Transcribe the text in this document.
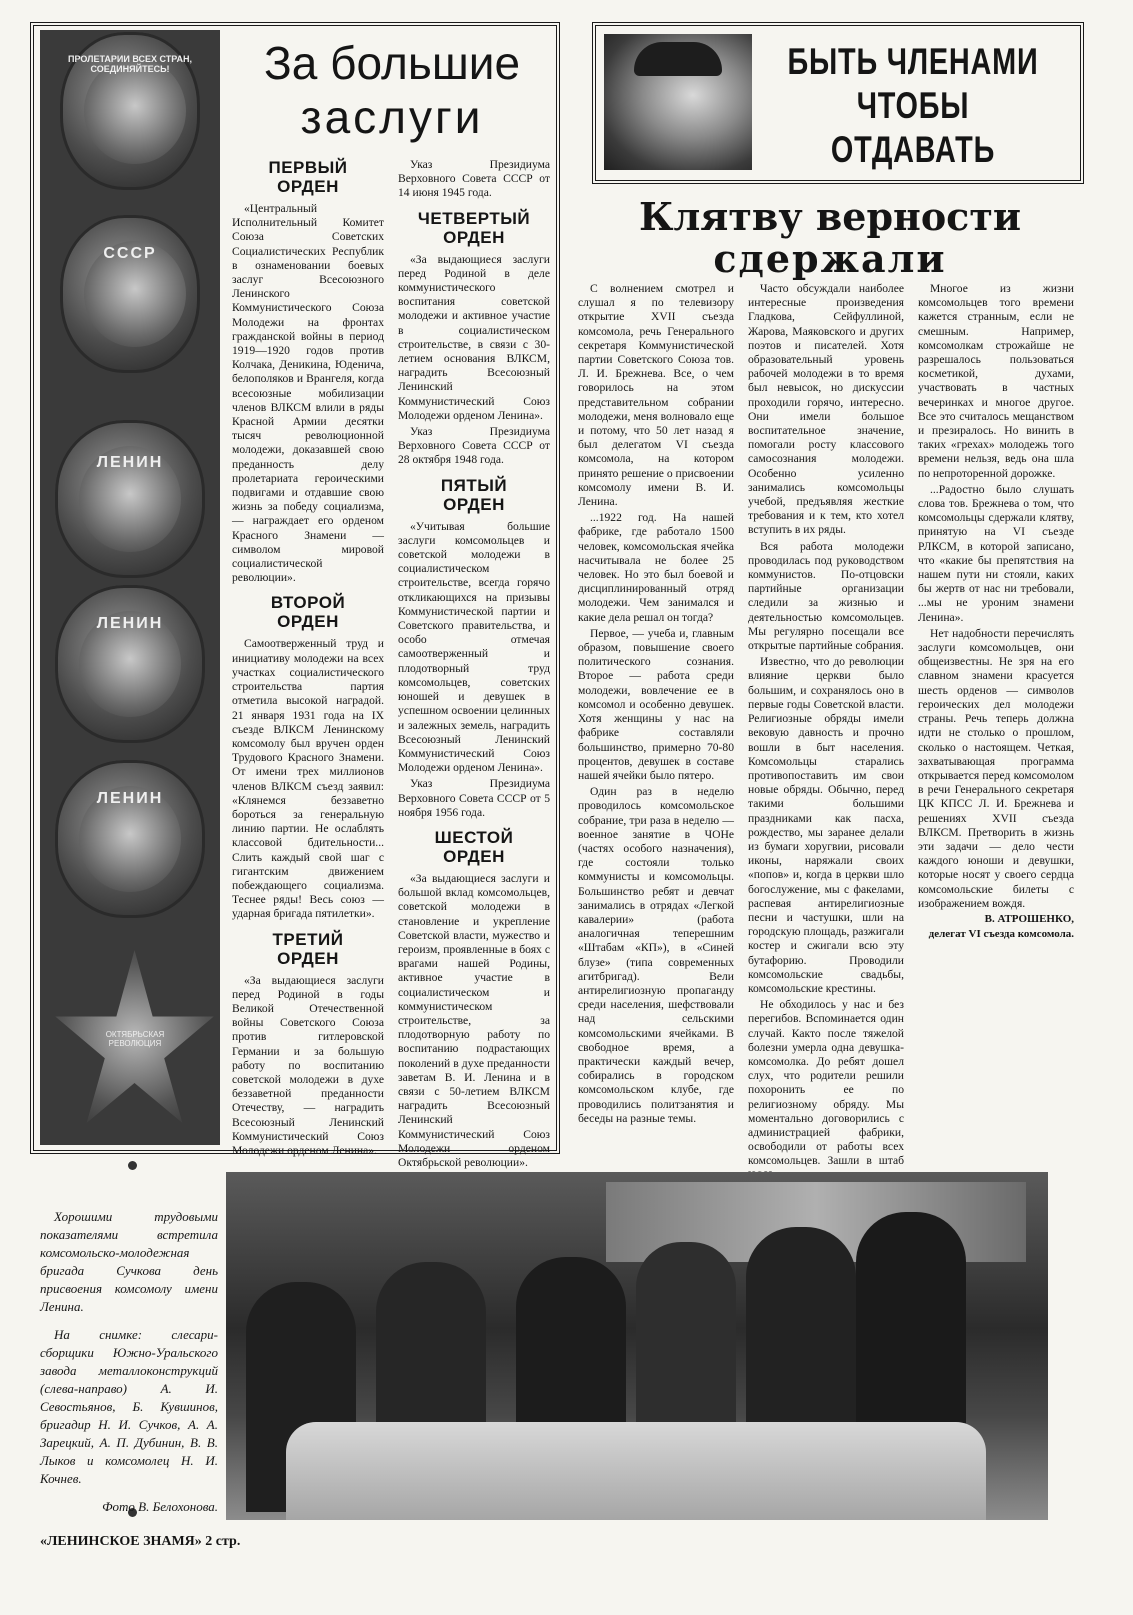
ПРОЛЕТАРИИ ВСЕХ СТРАН, СОЕДИНЯЙТЕСЬ!
СССР
ЛЕНИН
ЛЕНИН
ЛЕНИН
ОКТЯБРЬСКАЯ РЕВОЛЮЦИЯ
За большие
заслуги
ПЕРВЫЙ
ОРДЕН

«Центральный Исполнительный Комитет Союза Советских Социалистических Республик в ознаменовании боевых заслуг Всесоюзного Ленинского Коммунистического Союза Молодежи на фронтах гражданской войны в период 1919—1920 годов против Колчака, Деникина, Юденича, белополяков и Врангеля, когда всесоюзные мобилизации членов ВЛКСМ влили в ряды Красной Армии десятки тысяч революционной молодежи, доказавшей свою преданность делу пролетариата героическими подвигами и отдавшие свою жизнь за победу социализма, — награждает его орденом Красного Знамени — символом мировой социалистической революции».

ВТОРОЙ
ОРДЕН

Самоотверженный труд и инициативу молодежи на всех участках социалистического строительства партия отметила высокой наградой. 21 января 1931 года на IX съезде ВЛКСМ Ленинскому комсомолу был вручен орден Трудового Красного Знамени. От имени трех миллионов членов ВЛКСМ съезд заявил: «Клянемся беззаветно бороться за генеральную линию партии. Не ослаблять классовой бдительности... Слить каждый свой шаг с гигантским движением побеждающего социализма. Теснее ряды! Весь союз — ударная бригада пятилетки».

ТРЕТИЙ
ОРДЕН

«За выдающиеся заслуги перед Родиной в годы Великой Отечественной войны Советского Союза против гитлеровской Германии и за большую работу по воспитанию советской молодежи в духе беззаветной преданности Отечеству, — наградить Всесоюзный Ленинский Коммунистический Союз Молодежи орденом Ленина».

Указ Президиума Верховного Совета СССР от 14 июня 1945 года.

ЧЕТВЕРТЫЙ
ОРДЕН

«За выдающиеся заслуги перед Родиной в деле коммунистического воспитания советской молодежи и активное участие в социалистическом строительстве, в связи с 30-летием основания ВЛКСМ, наградить Всесоюзный Ленинский Коммунистический Союз Молодежи орденом Ленина».

Указ Президиума Верховного Совета СССР от 28 октября 1948 года.

ПЯТЫЙ
ОРДЕН

«Учитывая большие заслуги комсомольцев и советской молодежи в социалистическом строительстве, всегда горячо откликающихся на призывы Коммунистической партии и Советского правительства, и особо отмечая самоотверженный и плодотворный труд комсомольцев, советских юношей и девушек в успешном освоении целинных и залежных земель, наградить Всесоюзный Ленинский Коммунистический Союз Молодежи орденом Ленина».

Указ Президиума Верховного Совета СССР от 5 ноября 1956 года.

ШЕСТОЙ
ОРДЕН

«За выдающиеся заслуги и большой вклад комсомольцев, советской молодежи в становление и укрепление Советской власти, мужество и героизм, проявленные в боях с врагами нашей Родины, активное участие в социалистическом и коммунистическом строительстве, за плодотворную работу по воспитанию подрастающих поколений в духе преданности заветам В. И. Ленина и в связи с 50-летием ВЛКСМ наградить Всесоюзный Ленинский Коммунистический Союз Молодежи орденом Октябрьской революции».

БЫТЬ ЧЛЕНАМИ
ЧТОБЫ ОТДАВАТЬ
Клятву верности
сдержали

С волнением смотрел и слушал я по телевизору открытие XVII съезда комсомола, речь Генерального секретаря Коммунистической партии Советского Союза тов. Л. И. Брежнева. Все, о чем говорилось на этом представительном собрании молодежи, меня волновало еще и потому, что 50 лет назад я был делегатом VI съезда комсомола, на котором принято решение о присвоении комсомолу имени В. И. Ленина.

...1922 год. На нашей фабрике, где работало 1500 человек, комсомольская ячейка насчитывала не более 25 человек. Но это был боевой и дисциплинированный отряд молодежи. Чем занимался и какие дела решал он тогда?

Первое, — учеба и, главным образом, повышение своего политического сознания. Второе — работа среди молодежи, вовлечение ее в комсомол и особенно девушек. Хотя женщины у нас на фабрике составляли большинство, примерно 70-80 процентов, девушек в составе нашей ячейки было пятеро.

Один раз в неделю проводилось комсомольское собрание, три раза в неделю — военное занятие в ЧОНе (частях особого назначения), где состояли только коммунисты и комсомольцы. Большинство ребят и девчат занимались в отрядах «Легкой кавалерии» (работа аналогичная теперешним «Штабам «КП»), в «Синей блузе» (типа современных агитбригад). Вели антирелигиозную пропаганду среди населения, шефствовали над сельскими комсомольскими ячейками. В свободное время, а практически каждый вечер, собирались в городском комсомольском клубе, где проводились политзанятия и беседы на разные темы.

Часто обсуждали наиболее интересные произведения Гладкова, Сейфуллиной, Жарова, Маяковского и других поэтов и писателей. Хотя образовательный уровень рабочей молодежи в то время был невысок, но дискуссии проходили горячо, интересно. Они имели большое воспитательное значение, помогали росту классового самосознания молодежи. Особенно усиленно занимались комсомольцы учебой, предъявляя жесткие требования и к тем, кто хотел вступить в их ряды.

Вся работа молодежи проводилась под руководством коммунистов. По-отцовски партийные организации следили за жизнью и деятельностью комсомольцев. Мы регулярно посещали все открытые партийные собрания.

Известно, что до революции влияние церкви было большим, и сохранялось оно в первые годы Советской власти. Религиозные обряды имели вековую давность и прочно вошли в быт населения. Комсомольцы старались противопоставить им свои новые обряды. Обычно, перед такими большими праздниками как пасха, рождество, мы заранее делали из бумаги хоругвии, рисовали иконы, наряжали своих «попов» и, когда в церкви шло богослужение, мы с факелами, распевая антирелигиозные песни и частушки, шли на городскую площадь, разжигали костер и сжигали всю эту бутафорию. Проводили комсомольские свадьбы, комсомольские крестины.

Не обходилось у нас и без перегибов. Вспоминается один случай. Както после тяжелой болезни умерла одна девушка-комсомолка. До ребят дошел слух, что родители решили похоронить ее по религиозному обряду. Мы моментально договорились с администрацией фабрики, освободили от работы всех комсомольцев. Зашли в штаб

Многое из жизни комсомольцев того времени кажется странным, если не смешным. Например, комсомолкам строжайше не разрешалось пользоваться косметикой, духами, участвовать в частных вечеринках и многое другое. Все это считалось мещанством и презиралось. Но винить в таких «грехах» молодежь того времени нельзя, ведь она шла по непроторенной дорожке.

...Радостно было слушать слова тов. Брежнева о том, что комсомольцы сдержали клятву, принятую на VI съезде РЛКСМ, в которой записано, что «какие бы препятствия на нашем пути ни стояли, каких бы жертв от нас ни требовали, ...мы не уроним знамени Ленина».

Нет надобности перечислять заслуги комсомольцев, они общеизвестны. Не зря на его славном знамени красуется шесть орденов — символов героических дел молодежи страны. Речь теперь должна идти не столько о прошлом, сколько о настоящем. Четкая, захватывающая программа открывается перед комсомолом в речи Генерального секретаря ЦК КПСС Л. И. Брежнева и решениях XVII съезда ВЛКСМ. Претворить в жизнь эти задачи — дело чести каждого юноши и девушки, которые носят у своего сердца комсомольские билеты с изображением вождя.

В. АТРОШЕНКО,
делегат VI съезда комсомола.

Хорошими трудовыми показателями встретила комсомольско-молодежная бригада Сучкова день присвоения комсомолу имени Ленина.

На снимке: слесари-сборщики Южно-Уральского завода металлоконструкций (слева-направо) А. И. Севостьянов, Б. Кувшинов, бригадир Н. И. Сучков, А. А. Зарецкий, А. П. Дубинин, В. В. Лыков и комсомолец Н. И. Кочнев.

Фото В. Белохонова.
«ЛЕНИНСКОЕ ЗНАМЯ» 2 стр.
